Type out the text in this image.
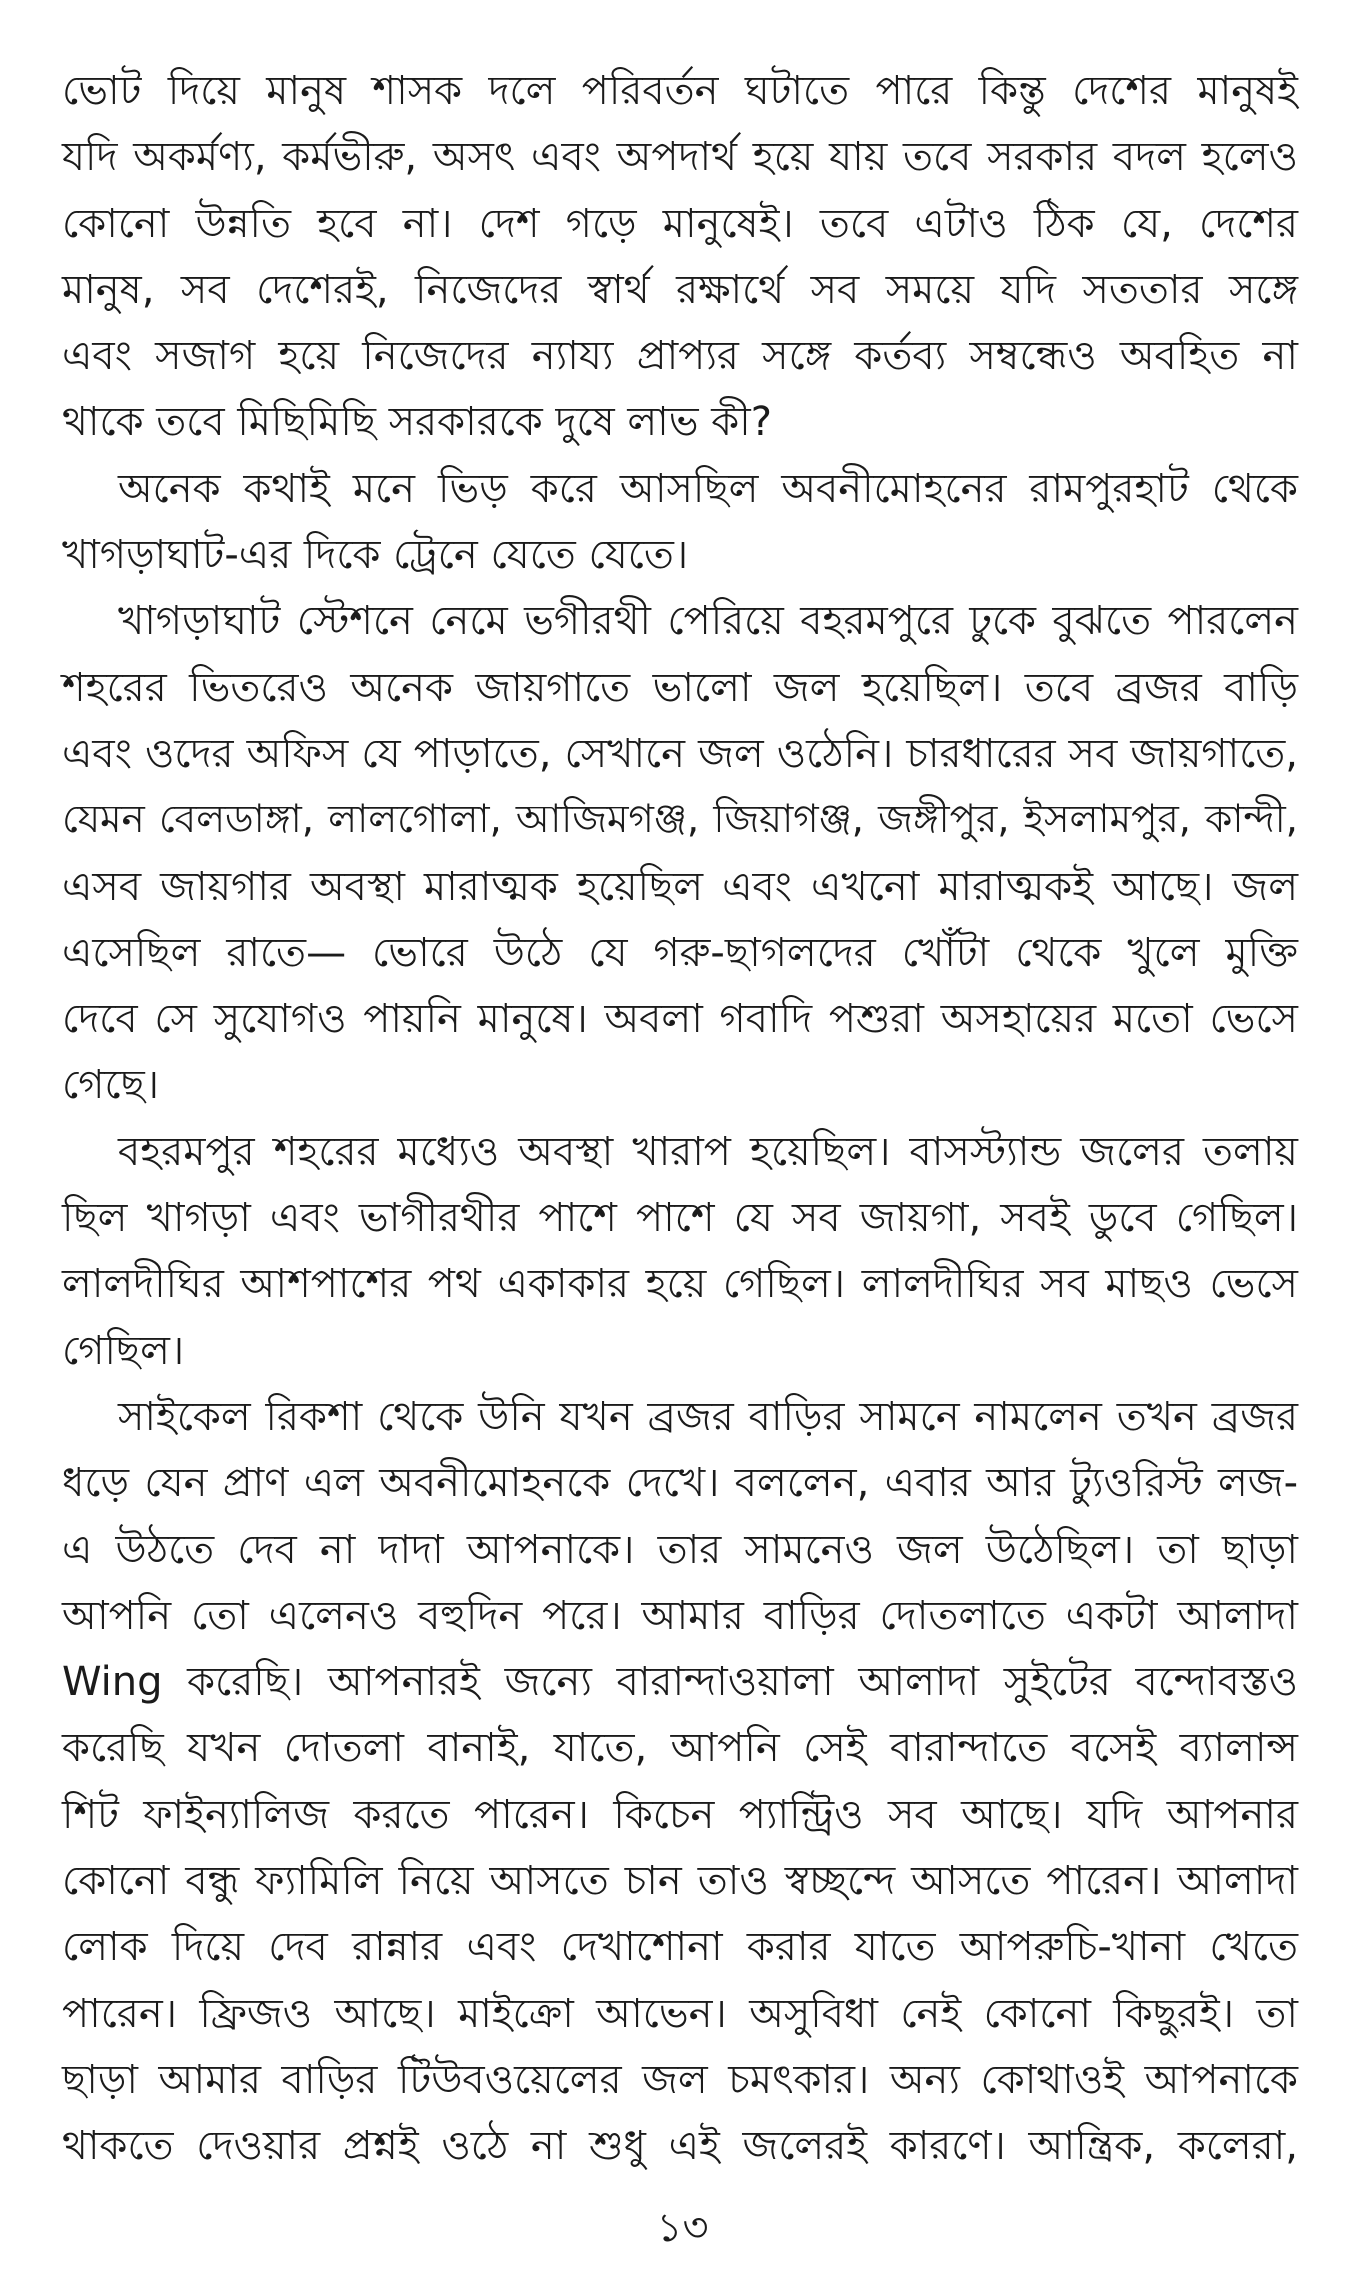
ভোট দিয়ে মানুষ শাসক দলে পরিবর্তন ঘটাতে পারে কিন্তু দেশের মানুষই
যদি অকর্মণ্য, কর্মভীরু, অসৎ এবং অপদার্থ হয়ে যায় তবে সরকার বদল হলেও
কোনো উন্নতি হবে না। দেশ গড়ে মানুষেই। তবে এটাও ঠিক যে, দেশের
মানুষ, সব দেশেরই, নিজেদের স্বার্থ রক্ষার্থে সব সময়ে যদি সততার সঙ্গে
এবং সজাগ হয়ে নিজেদের ন্যায্য প্রাপ্যর সঙ্গে কর্তব্য সম্বন্ধেও অবহিত না
থাকে তবে মিছিমিছি সরকারকে দুষে লাভ কী?
অনেক কথাই মনে ভিড় করে আসছিল অবনীমোহনের রামপুরহাট থেকে
খাগড়াঘাট-এর দিকে ট্রেনে যেতে যেতে।
খাগড়াঘাট স্টেশনে নেমে ভগীরথী পেরিয়ে বহরমপুরে ঢুকে বুঝতে পারলেন
শহরের ভিতরেও অনেক জায়গাতে ভালো জল হয়েছিল। তবে ব্রজর বাড়ি
এবং ওদের অফিস যে পাড়াতে, সেখানে জল ওঠেনি। চারধারের সব জায়গাতে,
যেমন বেলডাঙ্গা, লালগোলা, আজিমগঞ্জ, জিয়াগঞ্জ, জঙ্গীপুর, ইসলামপুর, কান্দী,
এসব জায়গার অবস্থা মারাত্মক হয়েছিল এবং এখনো মারাত্মকই আছে। জল
এসেছিল রাতে— ভোরে উঠে যে গরু-ছাগলদের খোঁটা থেকে খুলে মুক্তি
দেবে সে সুযোগও পায়নি মানুষে। অবলা গবাদি পশুরা অসহায়ের মতো ভেসে
গেছে।
বহরমপুর শহরের মধ্যেও অবস্থা খারাপ হয়েছিল। বাসস্ট্যান্ড জলের তলায়
ছিল খাগড়া এবং ভাগীরথীর পাশে পাশে যে সব জায়গা, সবই ডুবে গেছিল।
লালদীঘির আশপাশের পথ একাকার হয়ে গেছিল। লালদীঘির সব মাছও ভেসে
গেছিল।
সাইকেল রিকশা থেকে উনি যখন ব্রজর বাড়ির সামনে নামলেন তখন ব্রজর
ধড়ে যেন প্রাণ এল অবনীমোহনকে দেখে। বললেন, এবার আর ট্যুওরিস্ট লজ-
এ উঠতে দেব না দাদা আপনাকে। তার সামনেও জল উঠেছিল। তা ছাড়া
আপনি তো এলেনও বহুদিন পরে। আমার বাড়ির দোতলাতে একটা আলাদা
Wing করেছি। আপনারই জন্যে বারান্দাওয়ালা আলাদা সুইটের বন্দোবস্তও
করেছি যখন দোতলা বানাই, যাতে, আপনি সেই বারান্দাতে বসেই ব্যালান্স
শিট ফাইন্যালিজ করতে পারেন। কিচেন প্যান্ট্রিও সব আছে। যদি আপনার
কোনো বন্ধু ফ্যামিলি নিয়ে আসতে চান তাও স্বচ্ছন্দে আসতে পারেন। আলাদা
লোক দিয়ে দেব রান্নার এবং দেখাশোনা করার যাতে আপরুচি-খানা খেতে
পারেন। ফ্রিজও আছে। মাইক্রো আভেন। অসুবিধা নেই কোনো কিছুরই। তা
ছাড়া আমার বাড়ির টিউবওয়েলের জল চমৎকার। অন্য কোথাওই আপনাকে
থাকতে দেওয়ার প্রশ্নই ওঠে না শুধু এই জলেরই কারণে। আন্ত্রিক, কলেরা,
১৩
